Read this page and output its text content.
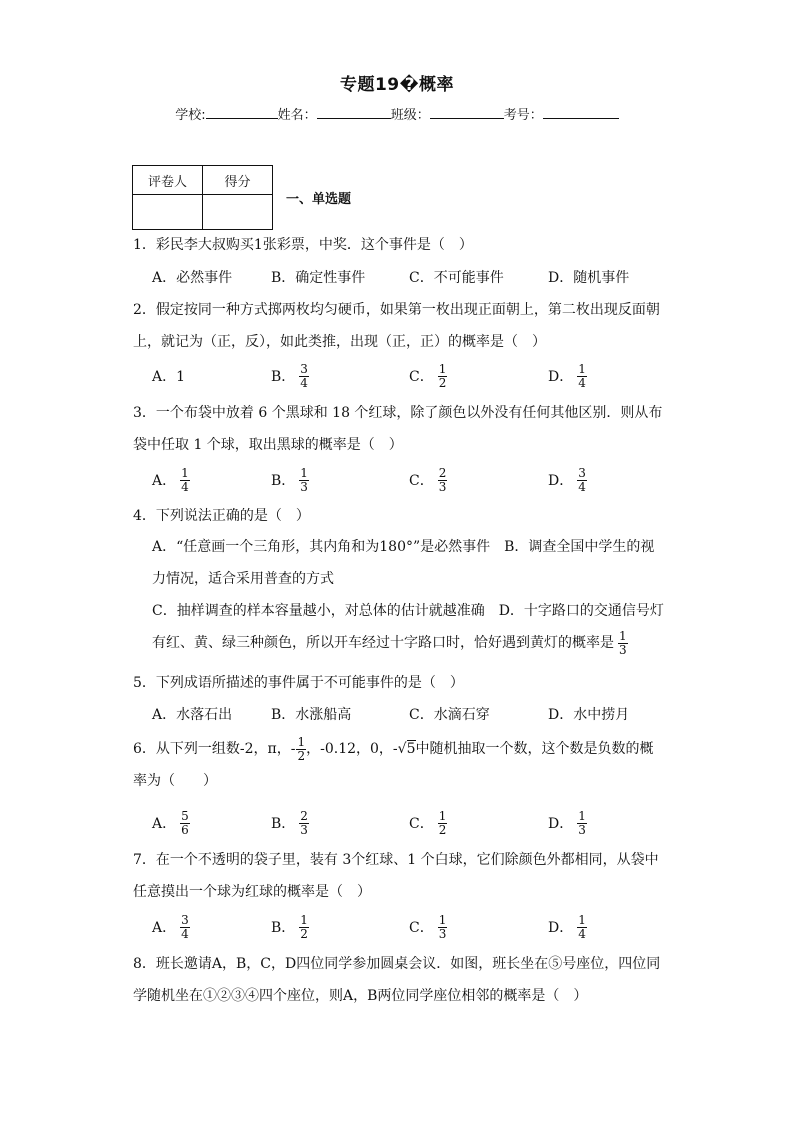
专题19�概率
学校:	姓名：	班级：	考号：
评卷人	得分

一、单选题
1．彩民李大叔购买1张彩票，中奖．这个事件是（　）
A．必然事件	B．确定性事件	C．不可能事件	D．随机事件
2．假定按同一种方式掷两枚均匀硬币，如果第一枚出现正面朝上，第二枚出现反面朝上，就记为（正，反），如此类推，出现（正，正）的概率是（　）
A．1	B． $\frac{3}{4}$	C． $\frac{1}{2}$	D． $\frac{1}{4}$
3．一个布袋中放着 6 个黑球和 18 个红球，除了颜色以外没有任何其他区别．则从布袋中任取 1 个球，取出黑球的概率是（　）
A． $\frac{1}{4}$	B． $\frac{1}{3}$	C． $\frac{2}{3}$	D． $\frac{3}{4}$
4．下列说法正确的是（　）
A．“任意画一个三角形，其内角和为180°”是必然事件　B．调查全国中学生的视力情况，适合采用普查的方式
C．抽样调查的样本容量越小，对总体的估计就越准确　D．十字路口的交通信号灯有红、黄、绿三种颜色，所以开车经过十字路口时，恰好遇到黄灯的概率是 $\frac{1}{3}$
5．下列成语所描述的事件属于不可能事件的是（　）
A．水落石出	B．水涨船高	C．水滴石穿	D．水中捞月
6．从下列一组数-2，π，- $\frac{1}{2}$ ，-0.12，0，-√5中随机抽取一个数，这个数是负数的概率为（　　）
A． $\frac{5}{6}$	B． $\frac{2}{3}$	C． $\frac{1}{2}$	D． $\frac{1}{3}$
7．在一个不透明的袋子里，装有 3个红球、1 个白球，它们除颜色外都相同，从袋中任意摸出一个球为红球的概率是（　）
A． $\frac{3}{4}$	B． $\frac{1}{2}$	C． $\frac{1}{3}$	D． $\frac{1}{4}$
8．班长邀请A，B，C，D四位同学参加圆桌会议．如图，班长坐在⑤号座位，四位同学随机坐在①②③④四个座位，则A，B两位同学座位相邻的概率是（　）
